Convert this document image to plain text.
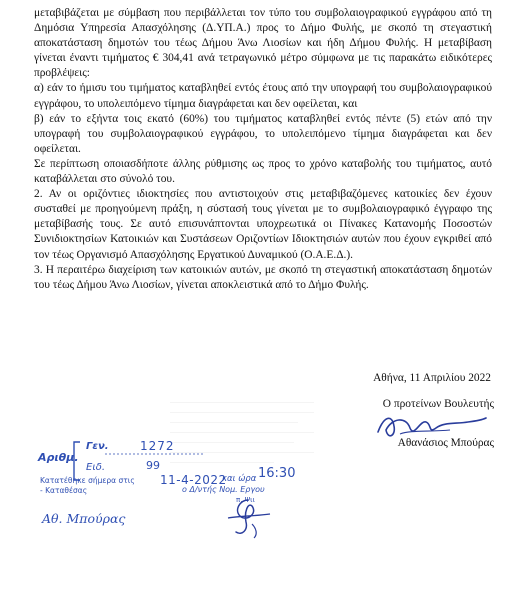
........................................................................
........................................................................
................................................................
........................................................................
..............................................................
........................................................................
....................................................

μεταβιβάζεται με σύμβαση που περιβάλλεται τον τύπο του συμβολαιογραφικού εγγράφου από τη Δημόσια Υπηρεσία Απασχόλησης (Δ.ΥΠ.Α.) προς το Δήμο Φυλής, με σκοπό τη στεγαστική αποκατάσταση δημοτών του τέως Δήμου Άνω Λιοσίων και ήδη Δήμου Φυλής. Η μεταβίβαση γίνεται έναντι τιμήματος € 304,41 ανά τετραγωνικό μέτρο σύμφωνα με τις παρακάτω ειδικότερες προβλέψεις:

α) εάν το ήμισυ του τιμήματος καταβληθεί εντός έτους από την υπογραφή του συμβολαιογραφικού εγγράφου, το υπολειπόμενο τίμημα διαγράφεται και δεν οφείλεται, και

β) εάν το εξήντα τοις εκατό (60%) του τιμήματος καταβληθεί εντός πέντε (5) ετών από την υπογραφή του συμβολαιογραφικού εγγράφου, το υπολειπόμενο τίμημα διαγράφεται και δεν οφείλεται.

Σε περίπτωση οποιασδήποτε άλλης ρύθμισης ως προς το χρόνο καταβολής του τιμήματος, αυτό καταβάλλεται στο σύνολό του.

2. Αν οι οριζόντιες ιδιοκτησίες που αντιστοιχούν στις μεταβιβαζόμενες κατοικίες δεν έχουν συσταθεί με προηγούμενη πράξη, η σύστασή τους γίνεται με το συμβολαιογραφικό έγγραφο της μεταβίβασής τους. Σε αυτό επισυνάπτονται υποχρεωτικά οι Πίνακες Κατανομής Ποσοστών Συνιδιοκτησίων Κατοικιών και Συστάσεων Οριζοντίων Ιδιοκτησιών αυτών που έχουν εγκριθεί από τον τέως Οργανισμό Απασχόλησης Εργατικού Δυναμικού (Ο.Α.Ε.Δ.).

3. Η περαιτέρω διαχείριση των κατοικιών αυτών, με σκοπό τη στεγαστική αποκατάσταση δημοτών του τέως Δήμου Άνω Λιοσίων, γίνεται αποκλειστικά από το Δήμο Φυλής.

Αθήνα, 11 Απριλίου 2022
Ο προτείνων Βουλευτής
Αθανάσιος Μπούρας
Αριθμ.
Γεν.	1272
Ειδ.	99
Κατατέθηκε σήμερα στις 11-4-2022
και ώρα 16:30
- Καταθέσας	ο Δ/ντής Νομ. Εργου
π. Ψιι
Αθ. Μπούρας
